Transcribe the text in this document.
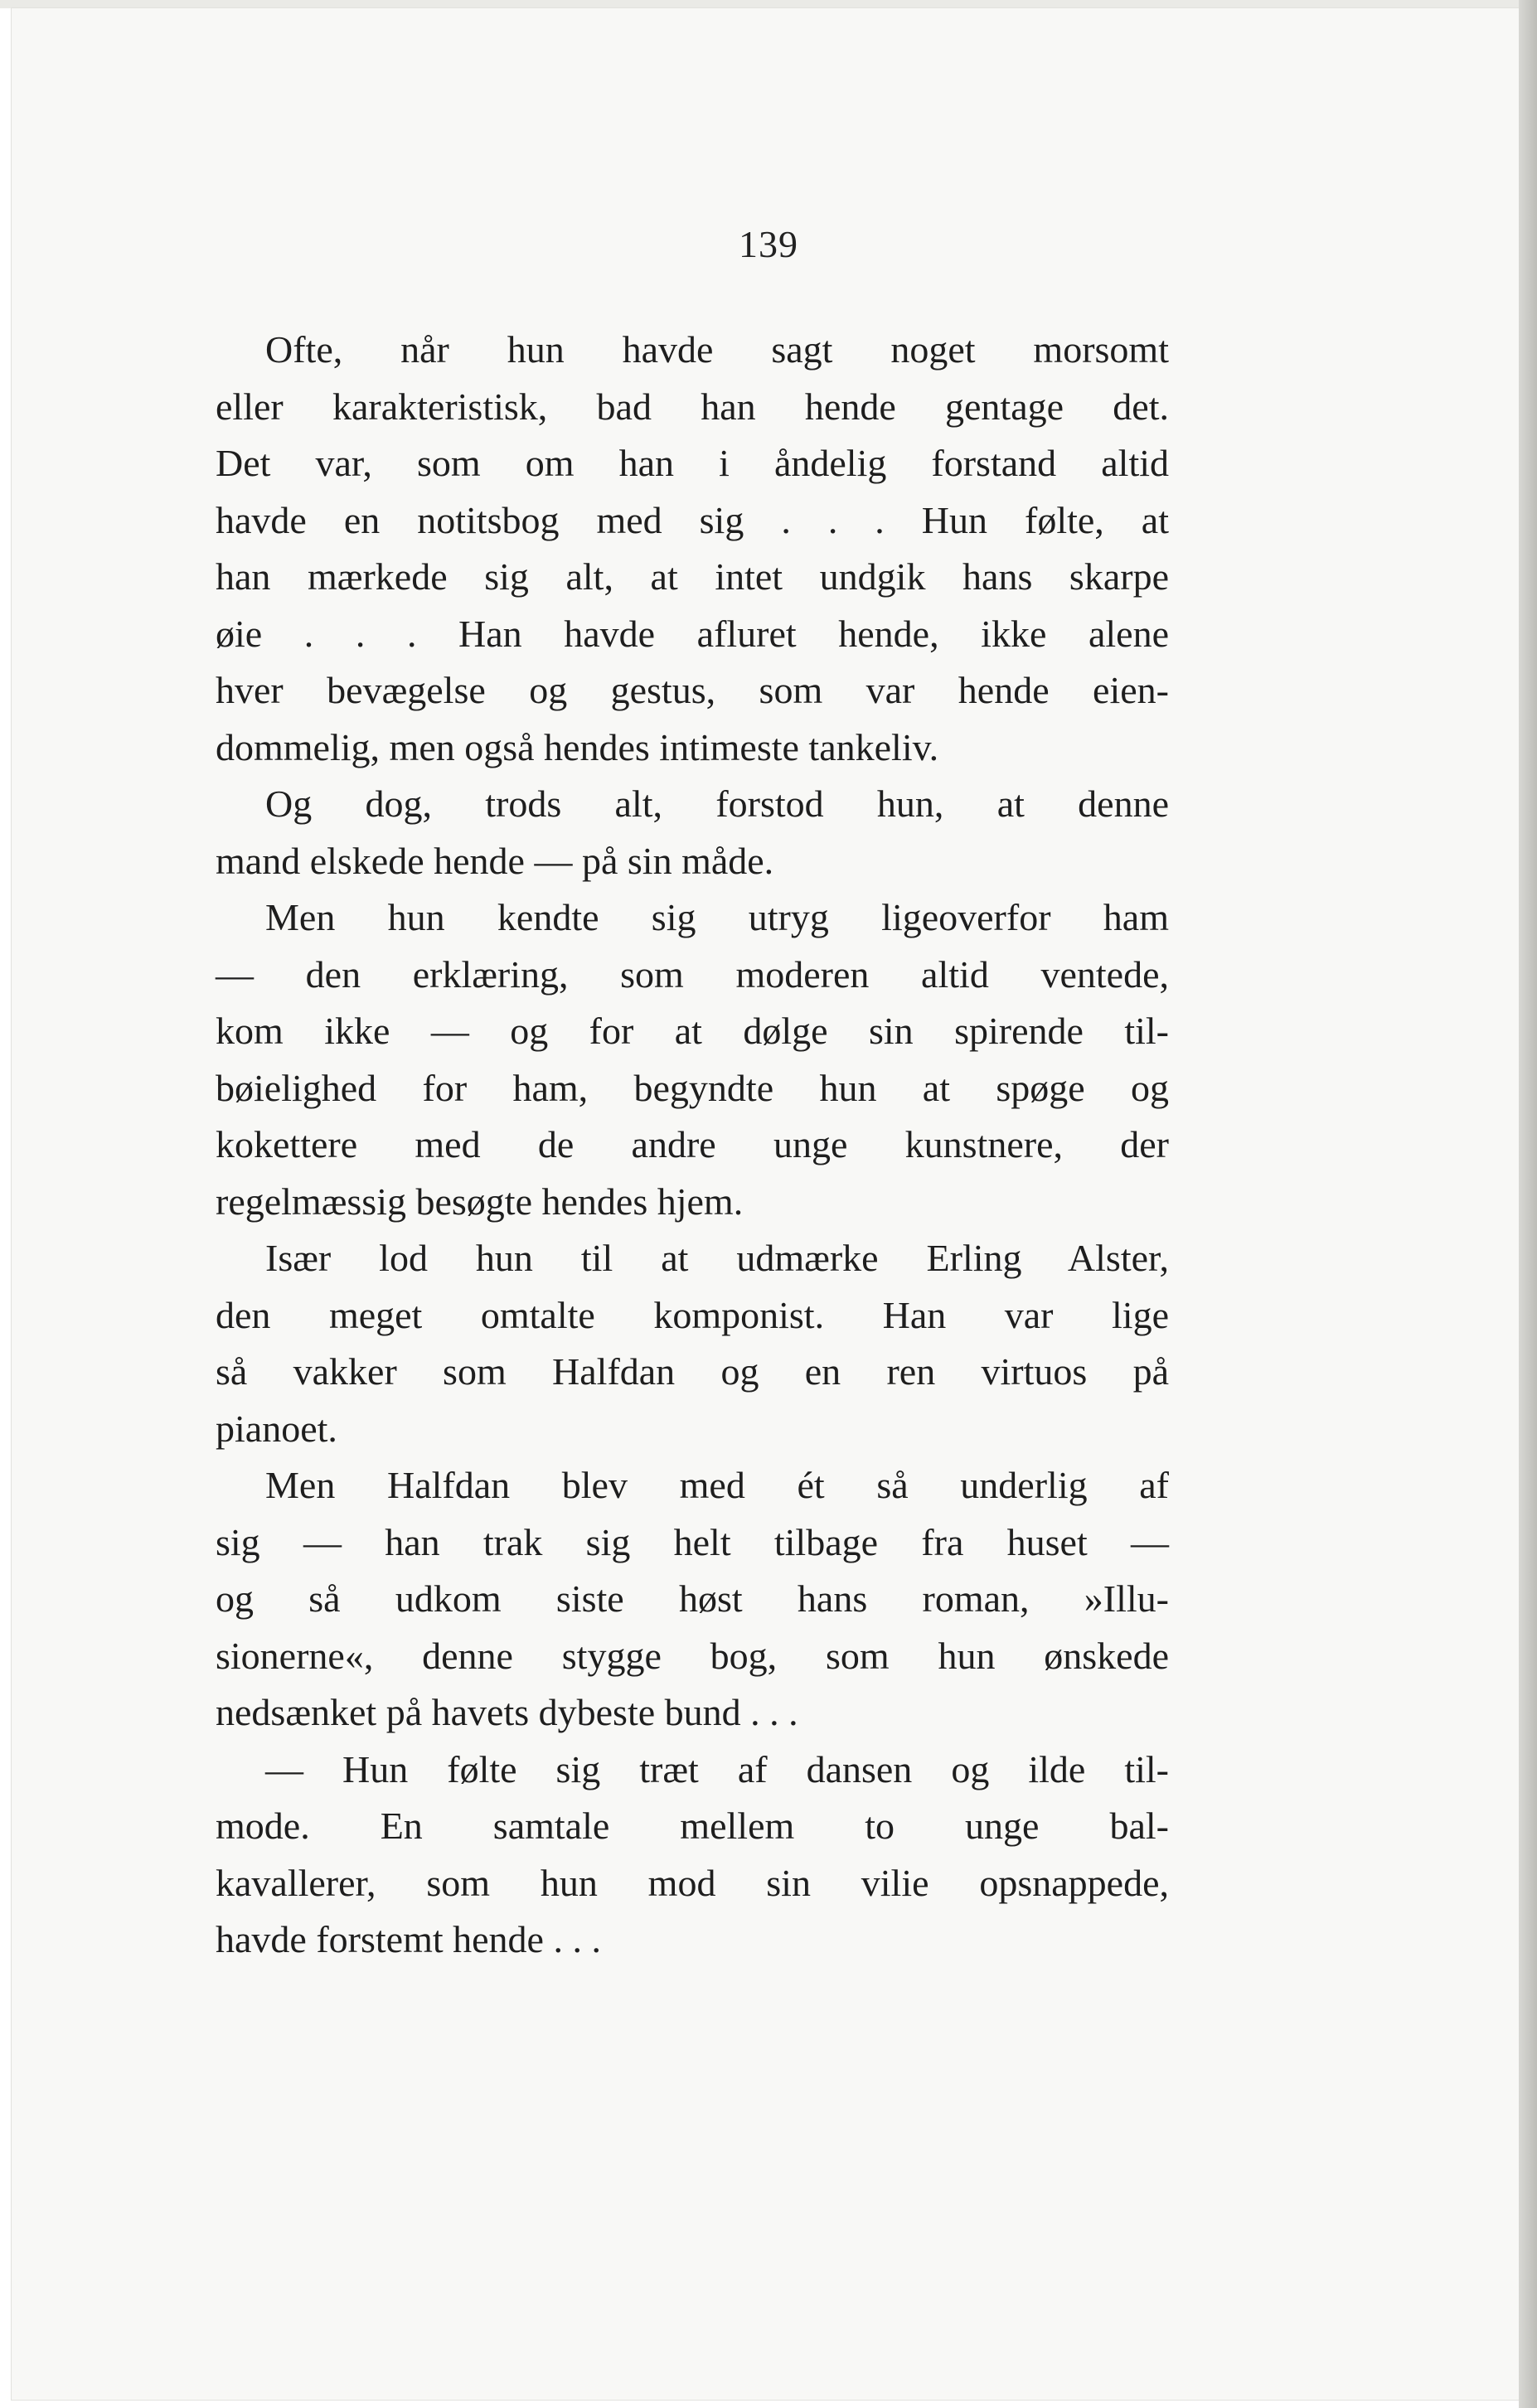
139
Ofte, når hun havde sagt noget morsomt
eller karakteristisk, bad han hende gentage det.
Det var, som om han i åndelig forstand altid
havde en notitsbog med sig . . . Hun følte, at
han mærkede sig alt, at intet undgik hans skarpe
øie . . . Han havde afluret hende, ikke alene
hver bevægelse og gestus, som var hende eien-
dommelig, men også hendes intimeste tankeliv.
Og dog, trods alt, forstod hun, at denne
mand elskede hende — på sin måde.
Men hun kendte sig utryg ligeoverfor ham
— den erklæring, som moderen altid ventede,
kom ikke — og for at dølge sin spirende til-
bøielighed for ham, begyndte hun at spøge og
kokettere med de andre unge kunstnere, der
regelmæssig besøgte hendes hjem.
Især lod hun til at udmærke Erling Alster,
den meget omtalte komponist. Han var lige
så vakker som Halfdan og en ren virtuos på
pianoet.
Men Halfdan blev med ét så underlig af
sig — han trak sig helt tilbage fra huset —
og så udkom siste høst hans roman, »Illu-
sionerne«, denne stygge bog, som hun ønskede
nedsænket på havets dybeste bund . . .
— Hun følte sig træt af dansen og ilde til-
mode. En samtale mellem to unge bal-
kavallerer, som hun mod sin vilie opsnappede,
havde forstemt hende . . .
